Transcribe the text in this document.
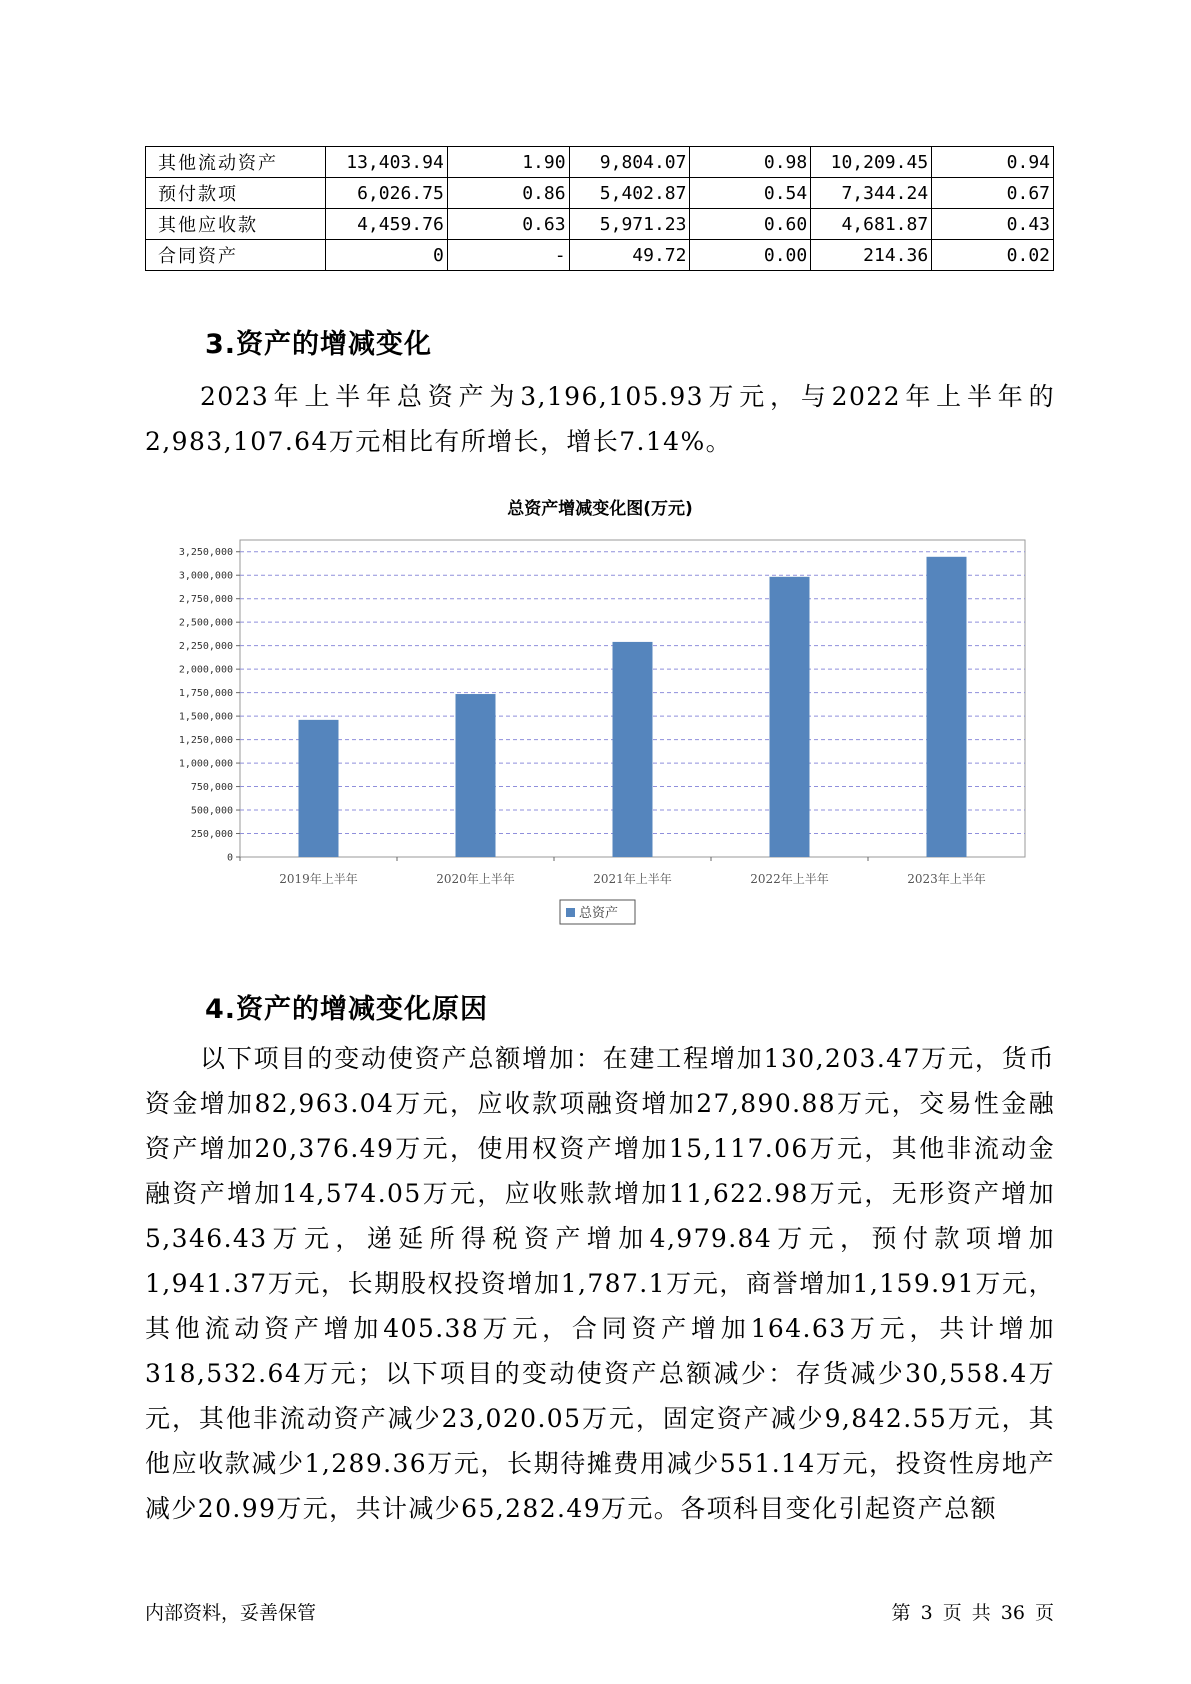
其他流动资产	13,403.94	1.90	9,804.07	0.98	10,209.45	0.94
预付款项	6,026.75	0.86	5,402.87	0.54	7,344.24	0.67
其他应收款	4,459.76	0.63	5,971.23	0.60	4,681.87	0.43
合同资产	0	-	49.72	0.00	214.36	0.02
3.资产的增减变化

2023年上半年总资产为3,196,105.93万元，与2022年上半年的2,983,107.64万元相比有所增长，增长7.14%。

总资产增减变化图(万元)
0
250,000
500,000
750,000
1,000,000
1,250,000
1,500,000
1,750,000
2,000,000
2,250,000
2,500,000
2,750,000
3,000,000
3,250,000
2019年上半年	2020年上半年	2021年上半年	2022年上半年	2023年上半年
总资产
4.资产的增减变化原因

以下项目的变动使资产总额增加：在建工程增加130,203.47万元，货币资金增加82,963.04万元，应收款项融资增加27,890.88万元，交易性金融资产增加20,376.49万元，使用权资产增加15,117.06万元，其他非流动金融资产增加14,574.05万元，应收账款增加11,622.98万元，无形资产增加5,346.43万元，递延所得税资产增加4,979.84万元，预付款项增加1,941.37万元，长期股权投资增加1,787.1万元，商誉增加1,159.91万元，其他流动资产增加405.38万元，合同资产增加164.63万元，共计增加318,532.64万元；以下项目的变动使资产总额减少：存货减少30,558.4万元，其他非流动资产减少23,020.05万元，固定资产减少9,842.55万元，其他应收款减少1,289.36万元，长期待摊费用减少551.14万元，投资性房地产减少20.99万元，共计减少65,282.49万元。各项科目变化引起资产总额

内部资料，妥善保管	第 3 页 共 36 页
